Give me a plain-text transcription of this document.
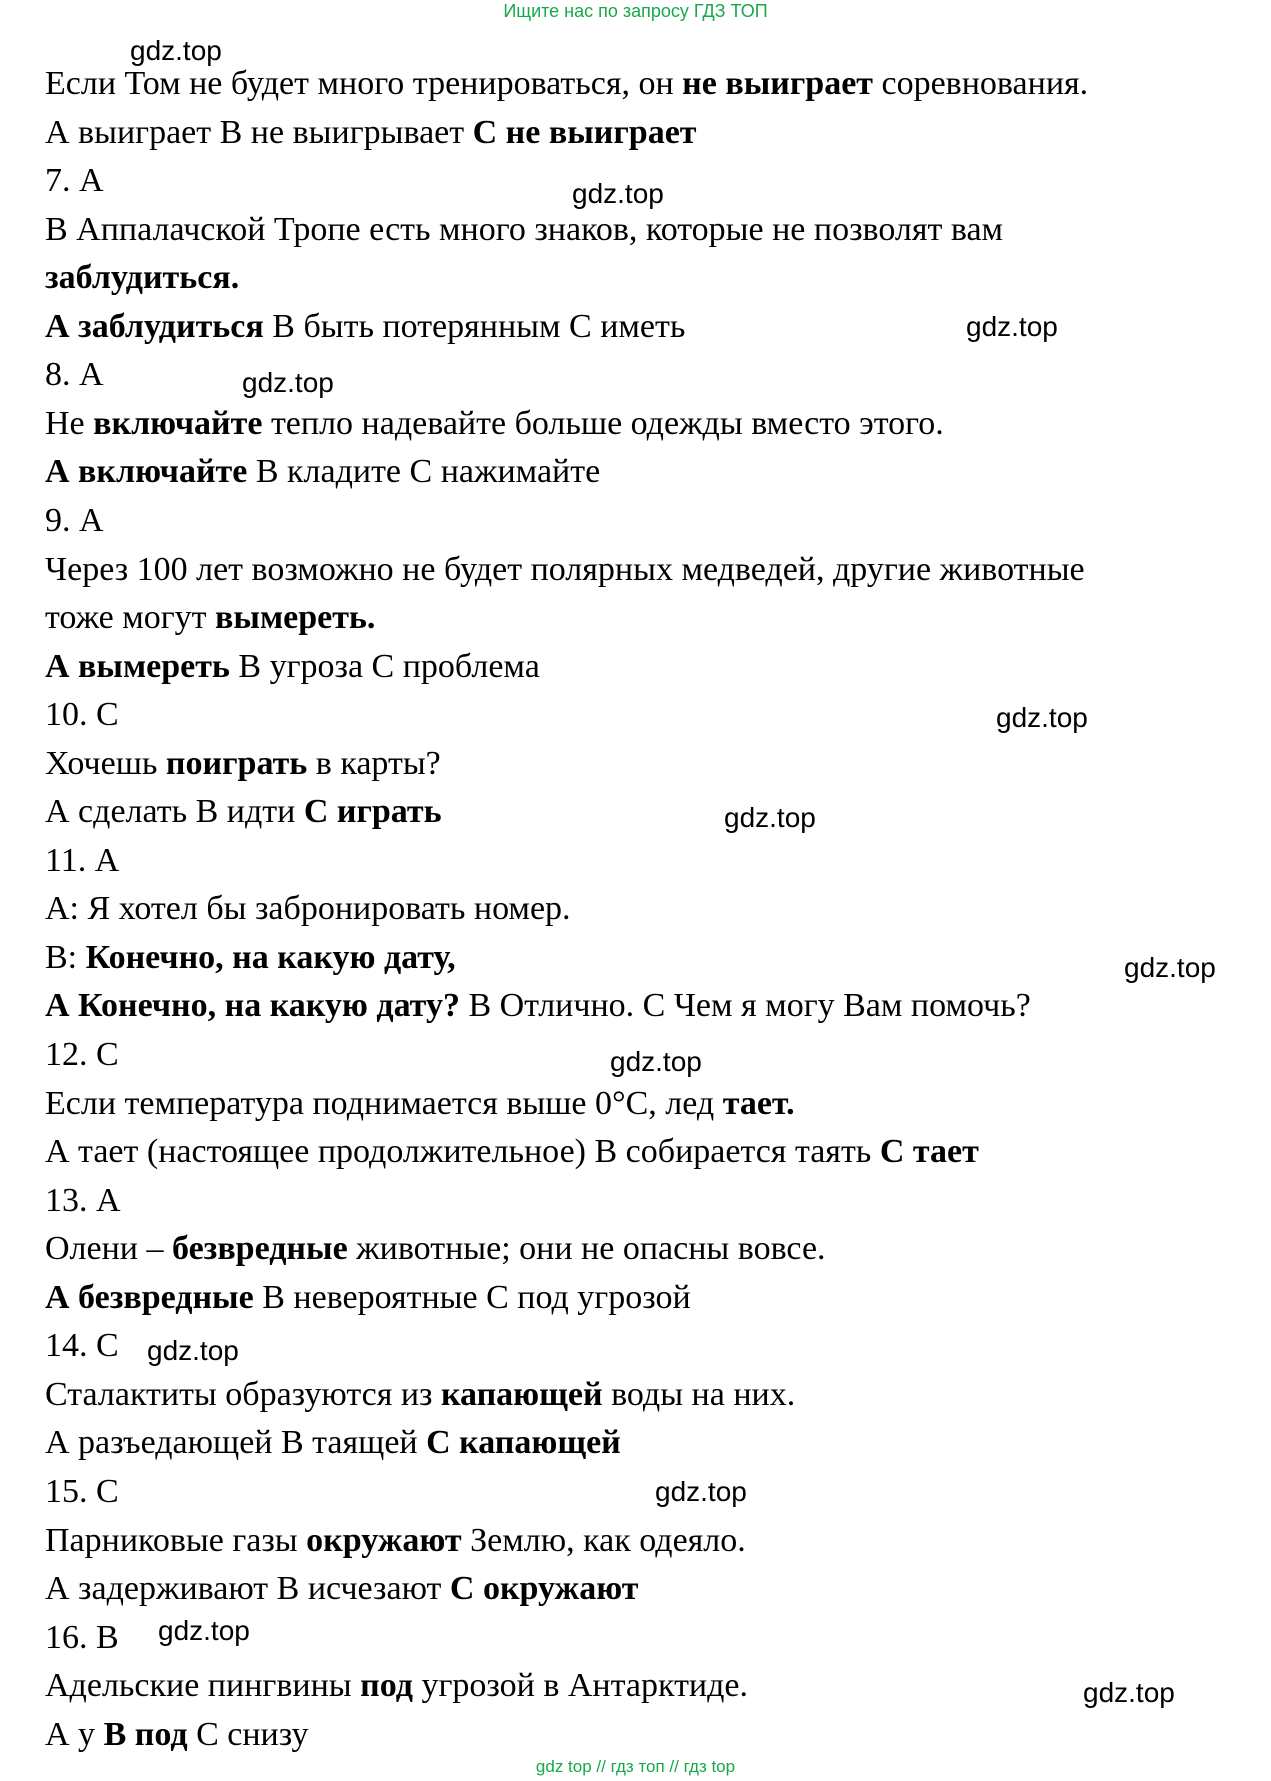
Ищите нас по запросу ГДЗ ТОП
Если Том не будет много тренироваться, он не выиграет соревнования.
А выиграет В не выигрывает С не выиграет
7. А
В Аппалачской Тропе есть много знаков, которые не позволят вам
заблудиться.
А заблудиться В быть потерянным С иметь
8. А
Не включайте тепло надевайте больше одежды вместо этого.
А включайте В кладите С нажимайте
9. А
Через 100 лет возможно не будет полярных медведей, другие животные
тоже могут вымереть.
А вымереть В угроза С проблема
10. С
Хочешь поиграть в карты?
А сделать В идти С играть
11. А
А: Я хотел бы забронировать номер.
В: Конечно, на какую дату,
А Конечно, на какую дату? В Отлично. С Чем я могу Вам помочь?
12. С
Если температура поднимается выше 0°C, лед тает.
А тает (настоящее продолжительное) В собирается таять С тает
13. А
Олени – безвредные животные; они не опасны вовсе.
А безвредные В невероятные С под угрозой
14. С
Сталактиты образуются из капающей воды на них.
А разъедающей В таящей С капающей
15. С
Парниковые газы окружают Землю, как одеяло.
А задерживают В исчезают С окружают
16. В
Адельские пингвины под угрозой в Антарктиде.
А у В под С снизу
gdz.top
gdz.top
gdz.top
gdz.top
gdz.top
gdz.top
gdz.top
gdz.top
gdz.top
gdz.top
gdz.top
gdz.top
gdz top // гдз топ // гдз top
